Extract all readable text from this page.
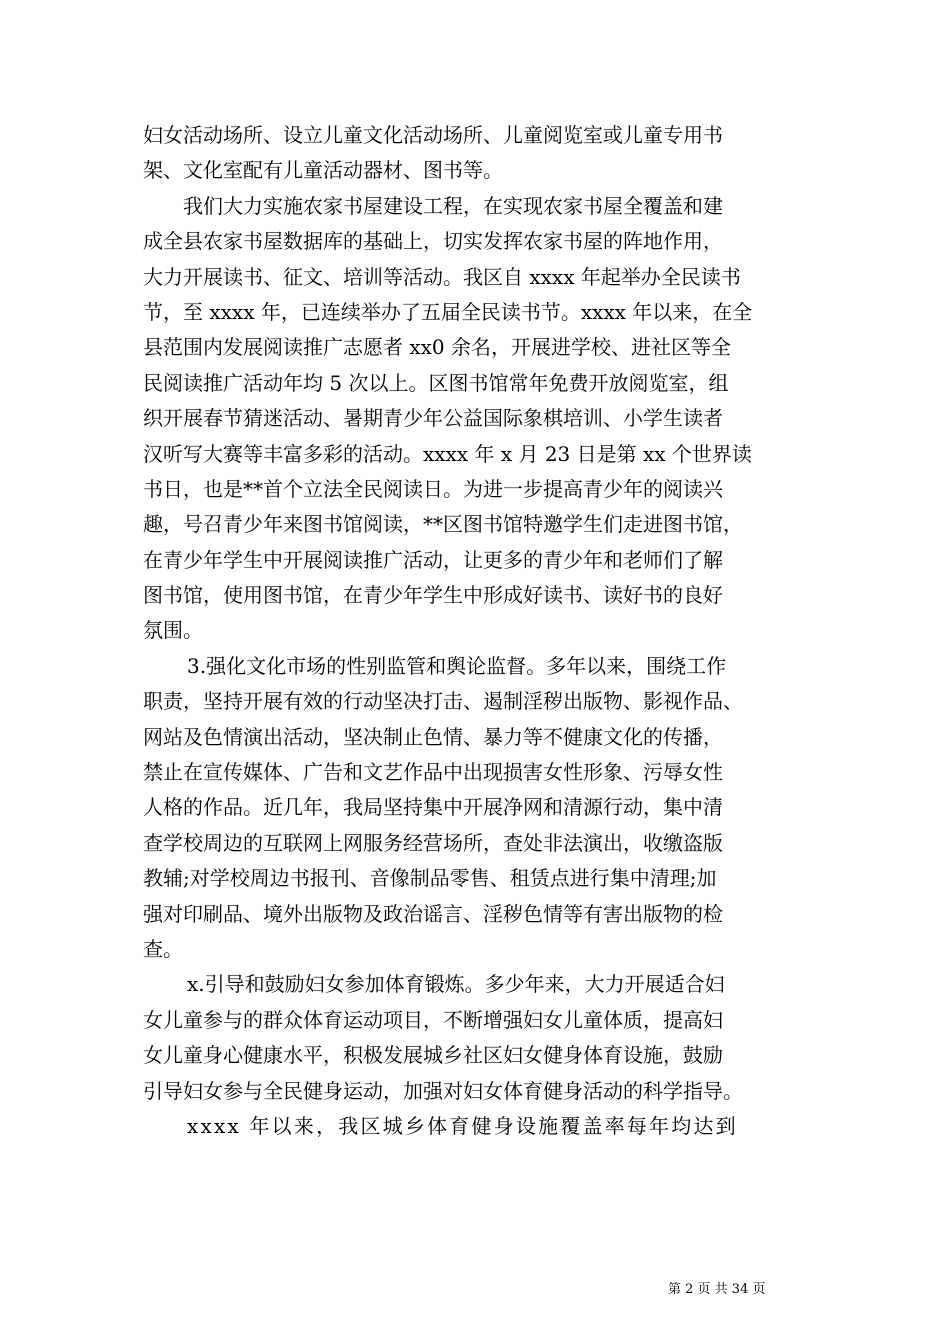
妇女活动场所、设立儿童文化活动场所、儿童阅览室或儿童专用书
架、文化室配有儿童活动器材、图书等。
我们大力实施农家书屋建设工程，在实现农家书屋全覆盖和建
成全县农家书屋数据库的基础上，切实发挥农家书屋的阵地作用，
大力开展读书、征文、培训等活动。我区自 xxxx 年起举办全民读书
节，至 xxxx 年，已连续举办了五届全民读书节。xxxx 年以来，在全
县范围内发展阅读推广志愿者 xx0 余名，开展进学校、进社区等全
民阅读推广活动年均 5 次以上。区图书馆常年免费开放阅览室，组
织开展春节猜迷活动、暑期青少年公益国际象棋培训、小学生读者
汉听写大赛等丰富多彩的活动。xxxx 年 x 月 23 日是第 xx 个世界读
书日，也是**首个立法全民阅读日。为进一步提高青少年的阅读兴
趣，号召青少年来图书馆阅读，**区图书馆特邀学生们走进图书馆，
在青少年学生中开展阅读推广活动，让更多的青少年和老师们了解
图书馆，使用图书馆，在青少年学生中形成好读书、读好书的良好
氛围。
3.强化文化市场的性别监管和舆论监督。多年以来，围绕工作
职责，坚持开展有效的行动坚决打击、遏制淫秽出版物、影视作品、
网站及色情演出活动，坚决制止色情、暴力等不健康文化的传播，
禁止在宣传媒体、广告和文艺作品中出现损害女性形象、污辱女性
人格的作品。近几年，我局坚持集中开展净网和清源行动，集中清
查学校周边的互联网上网服务经营场所，查处非法演出，收缴盗版
教辅;对学校周边书报刊、音像制品零售、租赁点进行集中清理;加
强对印刷品、境外出版物及政治谣言、淫秽色情等有害出版物的检
查。
x.引导和鼓励妇女参加体育锻炼。多少年来，大力开展适合妇
女儿童参与的群众体育运动项目，不断增强妇女儿童体质，提高妇
女儿童身心健康水平，积极发展城乡社区妇女健身体育设施，鼓励
引导妇女参与全民健身运动，加强对妇女体育健身活动的科学指导。
xxxx 年以来，我区城乡体育健身设施覆盖率每年均达到
第 2 页 共 34 页
